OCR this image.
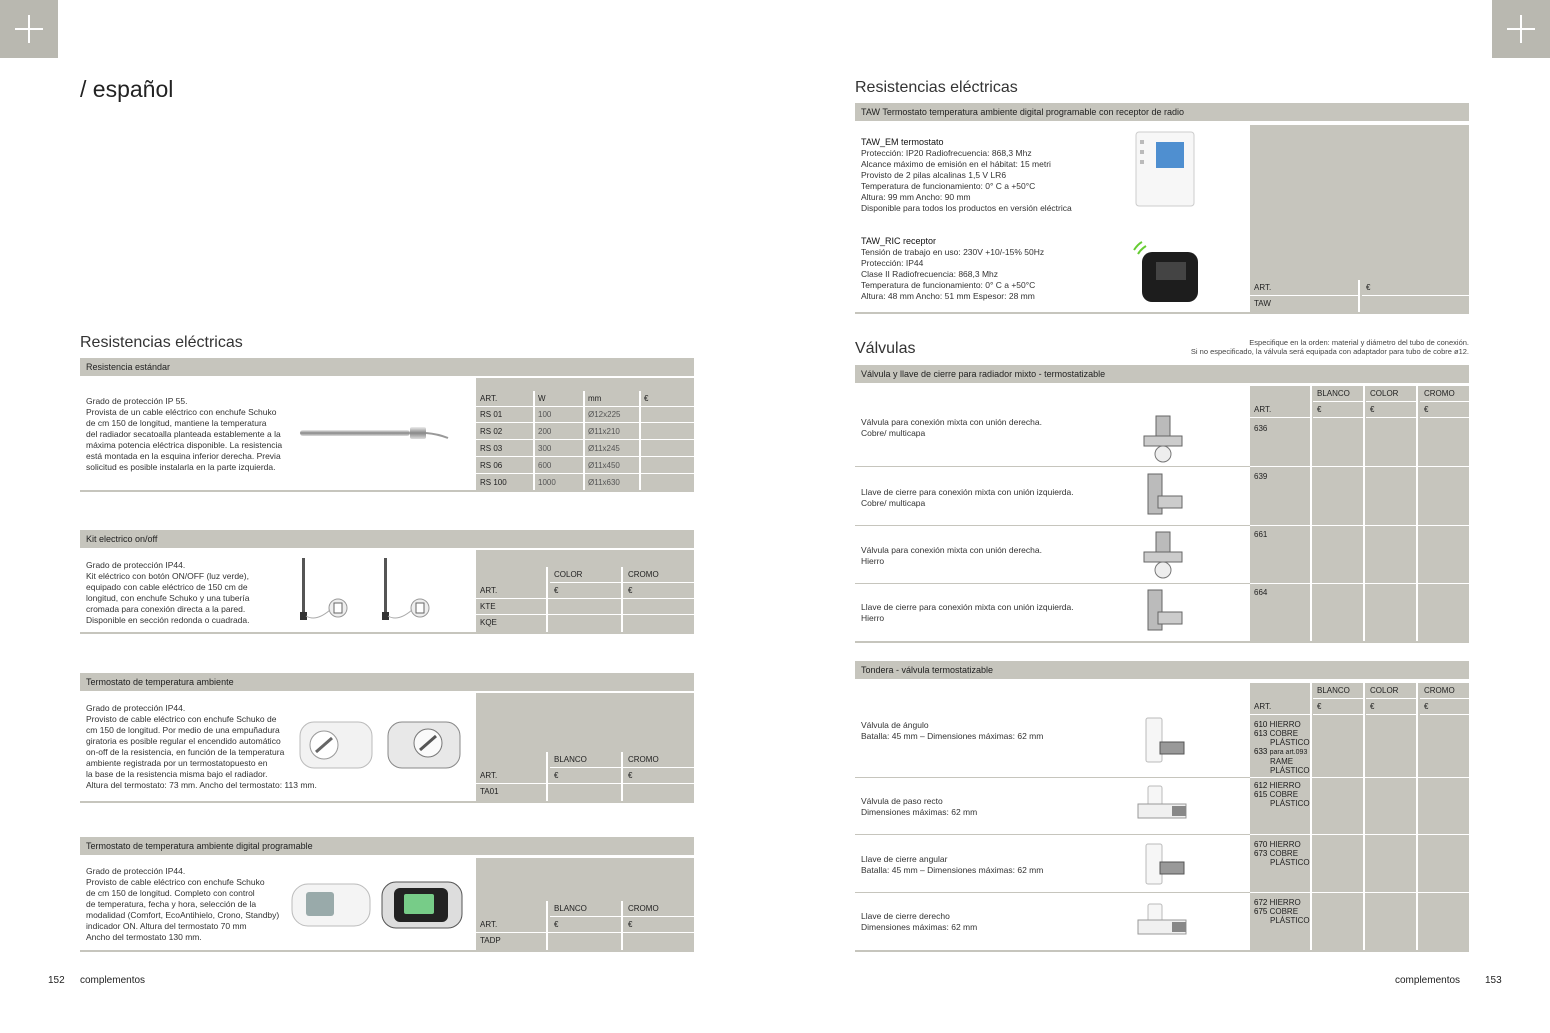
/ español
Resistencias eléctricas
Resistencia estándar
Grado de protección IP 55.
Provista de un cable eléctrico con enchufe Schuko
de cm 150 de longitud, mantiene la temperatura
del radiador secatoalla planteada establemente a la
máxima potencia eléctrica disponible. La resistencia
está montada en la esquina inferior derecha. Previa
solicitud es posible instalarla en la parte izquierda.
ART.	W	mm	€
RS 01	100	Ø12x225
RS 02	200	Ø11x210
RS 03	300	Ø11x245
RS 06	600	Ø11x450
RS 100	1000	Ø11x630
Kit electrico on/off
Grado de protección IP44.
Kit eléctrico con botón ON/OFF (luz verde),
equipado con cable eléctrico de 150 cm de
longitud, con enchufe Schuko y una tubería
cromada para conexión directa a la pared.
Disponible en sección redonda o cuadrada.
COLOR	CROMO
ART.	€	€
KTE
KQE
Termostato de temperatura ambiente
Grado de protección IP44.
Provisto de cable eléctrico con enchufe Schuko de
cm 150 de longitud. Por medio de una empuñadura
giratoria es posible regular el encendido automático
on-off de la resistencia, en función de la temperatura
ambiente registrada por un termostatopuesto en
la base de la resistencia misma bajo el radiador.
Altura del termostato: 73 mm. Ancho del termostato: 113 mm.
BLANCO	CROMO
ART.	€	€
TA01
Termostato de temperatura ambiente digital programable
Grado de protección IP44.
Provisto de cable eléctrico con enchufe Schuko
de cm 150 de longitud. Completo con control
de temperatura, fecha y hora, selección de la
modalidad (Comfort, EcoAntihielo, Crono, Standby)
indicador ON. Altura del termostato 70 mm
Ancho del termostato 130 mm.
BLANCO	CROMO
ART.	€	€
TADP
152 complementos
Resistencias eléctricas
TAW Termostato temperatura ambiente digital programable con receptor de radio
TAW_EM termostato
Protección: IP20 Radiofrecuencia: 868,3 Mhz
Alcance máximo de emisión en el hábitat: 15 metri
Provisto de 2 pilas alcalinas 1,5 V LR6
Temperatura de funcionamiento: 0° C a +50°C
Altura: 99 mm Ancho: 90 mm
Disponible para todos los productos en versión eléctrica
TAW_RIC receptor
Tensión de trabajo en uso: 230V +10/-15% 50Hz
Protección: IP44
Clase II Radiofrecuencia: 868,3 Mhz
Temperatura de funcionamiento: 0° C a +50°C
Altura: 48 mm Ancho: 51 mm Espesor: 28 mm
ART.	€
TAW
Válvulas	Especifique en la orden: material y diámetro del tubo de conexión.
Si no especificado, la válvula será equipada con adaptador para tubo de cobre ø12.
Válvula y llave de cierre para radiador mixto - termostatizable
BLANCO	COLOR	CROMO
ART.	€	€	€
Válvula para conexión mixta con unión derecha.
Cobre/ multicapa	636
Llave de cierre para conexión mixta con unión izquierda.
Cobre/ multicapa
639
Válvula para conexión mixta con unión derecha.
Hierro
661
Llave de cierre para conexión mixta con unión izquierda.
Hierro
664
Tondera - válvula termostatizable
BLANCO	COLOR	CROMO
ART.	€	€	€
Válvula de ángulo
Batalla: 45 mm – Dimensiones máximas: 62 mm
610 HIERRO
613 COBRE
PLÁSTICO
633 para art.093
RAME
PLÁSTICO
Válvula de paso recto
Dimensiones máximas: 62 mm
612 HIERRO
615 COBRE
PLÁSTICO
Llave de cierre angular
Batalla: 45 mm – Dimensiones máximas: 62 mm
670 HIERRO
673 COBRE
PLÁSTICO
Llave de cierre derecho
Dimensiones máximas: 62 mm
672 HIERRO
675 COBRE
PLÁSTICO
complementos 153
